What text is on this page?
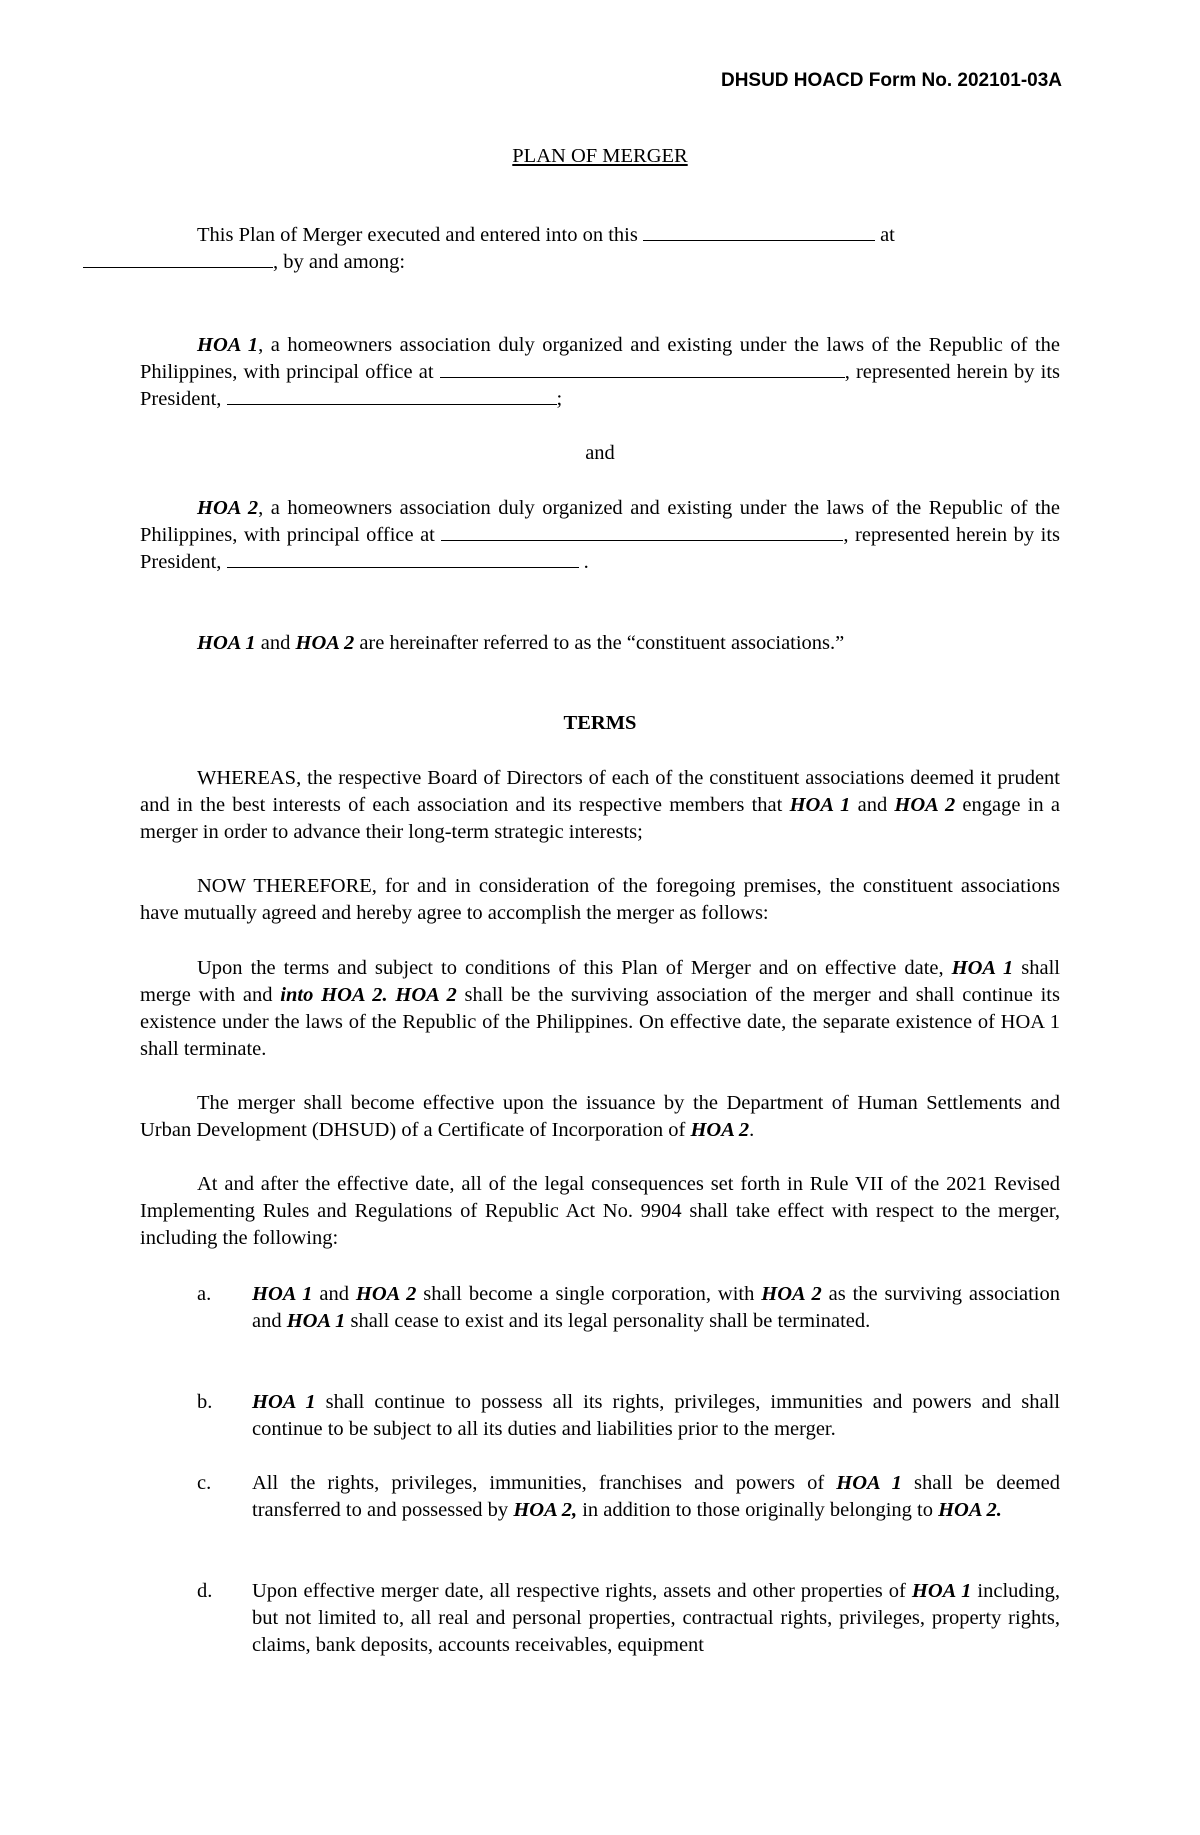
DHSUD HOACD Form No. 202101-03A
PLAN OF MERGER
This Plan of Merger executed and entered into on this	at
, by and among:
HOA 1, a homeowners association duly organized and existing under the laws of the Republic of the Philippines, with principal office at	, represented herein by its President,	;
and
HOA 2, a homeowners association duly organized and existing under the laws of the Republic of the Philippines, with principal office at	, represented herein by its President,	.
HOA 1 and HOA 2 are hereinafter referred to as the “constituent associations.”
TERMS
WHEREAS, the respective Board of Directors of each of the constituent associations deemed it prudent and in the best interests of each association and its respective members that HOA 1 and HOA 2 engage in a merger in order to advance their long-term strategic interests;
NOW THEREFORE, for and in consideration of the foregoing premises, the constituent associations have mutually agreed and hereby agree to accomplish the merger as follows:
Upon the terms and subject to conditions of this Plan of Merger and on effective date, HOA 1 shall merge with and into HOA 2. HOA 2 shall be the surviving association of the merger and shall continue its existence under the laws of the Republic of the Philippines. On effective date, the separate existence of HOA 1 shall terminate.
The merger shall become effective upon the issuance by the Department of Human Settlements and Urban Development (DHSUD) of a Certificate of Incorporation of HOA 2.
At and after the effective date, all of the legal consequences set forth in Rule VII of the 2021 Revised Implementing Rules and Regulations of Republic Act No. 9904 shall take effect with respect to the merger, including the following:
a. HOA 1 and HOA 2 shall become a single corporation, with HOA 2 as the surviving association and HOA 1 shall cease to exist and its legal personality shall be terminated.
b. HOA 1 shall continue to possess all its rights, privileges, immunities and powers and shall continue to be subject to all its duties and liabilities prior to the merger.
c. All the rights, privileges, immunities, franchises and powers of HOA 1 shall be deemed transferred to and possessed by HOA 2, in addition to those originally belonging to HOA 2.
d. Upon effective merger date, all respective rights, assets and other properties of HOA 1 including, but not limited to, all real and personal properties, contractual rights, privileges, property rights, claims, bank deposits, accounts receivables, equipment
